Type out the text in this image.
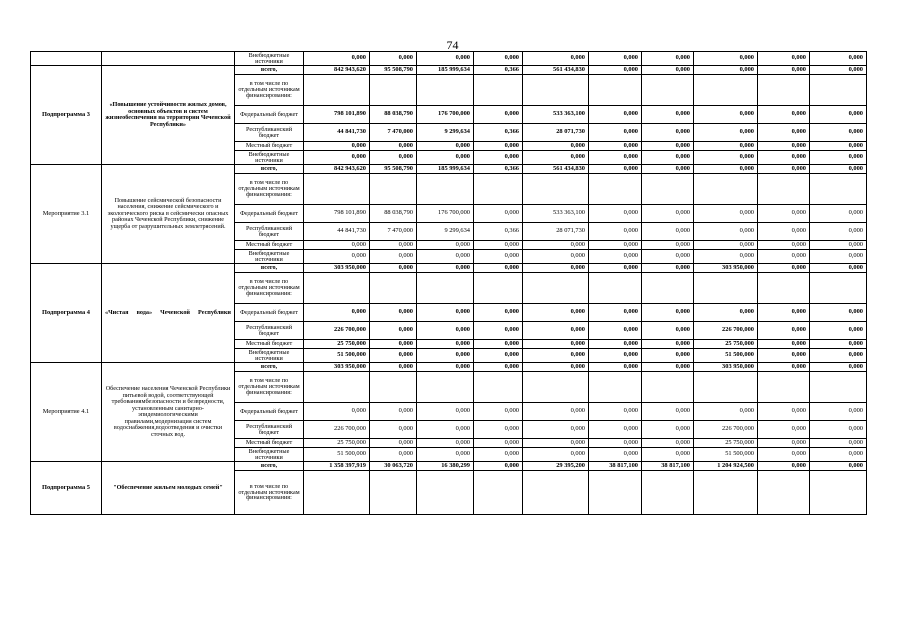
74
		Внебюджетные источники	0,000	0,000	0,000	0,000	0,000	0,000	0,000	0,000	0,000	0,000
Подпрограмма 3	«Повышение устойчивости жилых домов, основных объектов и систем жизнеобеспечения на территории Чеченской Республики»	всего,	842 943,620	95 508,790	185 999,634	0,366	561 434,830	0,000	0,000	0,000	0,000	0,000
		в том числе по отдельным источникам финансирования:										
		Федеральный бюджет	798 101,890	88 038,790	176 700,000	0,000	533 363,100	0,000	0,000	0,000	0,000	0,000
		Республиканский бюджет	44 841,730	7 470,000	9 299,634	0,366	28 071,730	0,000	0,000	0,000	0,000	0,000
		Местный бюджет	0,000	0,000	0,000	0,000	0,000	0,000	0,000	0,000	0,000	0,000
		Внебюджетные источники	0,000	0,000	0,000	0,000	0,000	0,000	0,000	0,000	0,000	0,000
Мероприятие 3.1	Повышение сейсмической безопасности населения, снижение сейсмического и экологического риска в сейсмически опасных районах Чеченской Республики, снижение ущерба от разрушительных землетрясений.	всего,	842 943,620	95 508,790	185 999,634	0,366	561 434,830	0,000	0,000	0,000	0,000	0,000
		в том числе по отдельным источникам финансирования:										
		Федеральный бюджет	798 101,890	88 038,790	176 700,000	0,000	533 363,100	0,000	0,000	0,000	0,000	0,000
		Республиканский бюджет	44 841,730	7 470,000	9 299,634	0,366	28 071,730	0,000	0,000	0,000	0,000	0,000
		Местный бюджет	0,000	0,000	0,000	0,000	0,000	0,000	0,000	0,000	0,000	0,000
		Внебюджетные источники	0,000	0,000	0,000	0,000	0,000	0,000	0,000	0,000	0,000	0,000
Подпрограмма 4	«Чистая вода» Чеченской Республики	всего,	303 950,000	0,000	0,000	0,000	0,000	0,000	0,000	303 950,000	0,000	0,000
		в том числе по отдельным источникам финансирования:										
		Федеральный бюджет	0,000	0,000	0,000	0,000	0,000	0,000	0,000	0,000	0,000	0,000
		Республиканский бюджет	226 700,000	0,000	0,000	0,000	0,000	0,000	0,000	226 700,000	0,000	0,000
		Местный бюджет	25 750,000	0,000	0,000	0,000	0,000	0,000	0,000	25 750,000	0,000	0,000
		Внебюджетные источники	51 500,000	0,000	0,000	0,000	0,000	0,000	0,000	51 500,000	0,000	0,000
Мероприятие 4.1	Обеспечение населения Чеченской Республики питьевой водой, соответствующей требованиямбезопасности и безвредности, установленным санитарно-эпидемиологическими правилами,модернизация систем водоснабжения,водоотведения и очистки сточных вод.	всего,	303 950,000	0,000	0,000	0,000	0,000	0,000	0,000	303 950,000	0,000	0,000
		в том числе по отдельным источникам финансирования:										
		Федеральный бюджет	0,000	0,000	0,000	0,000	0,000	0,000	0,000	0,000	0,000	0,000
		Республиканский бюджет	226 700,000	0,000	0,000	0,000	0,000	0,000	0,000	226 700,000	0,000	0,000
		Местный бюджет	25 750,000	0,000	0,000	0,000	0,000	0,000	0,000	25 750,000	0,000	0,000
		Внебюджетные источники	51 500,000	0,000	0,000	0,000	0,000	0,000	0,000	51 500,000	0,000	0,000
Подпрограмма 5	"Обеспечение жильем молодых семей"	всего,	1 358 397,919	30 063,720	16 380,299	0,000	29 395,200	38 817,100	38 817,100	1 204 924,500	0,000	0,000
		в том числе по отдельным источникам финансирования:										
